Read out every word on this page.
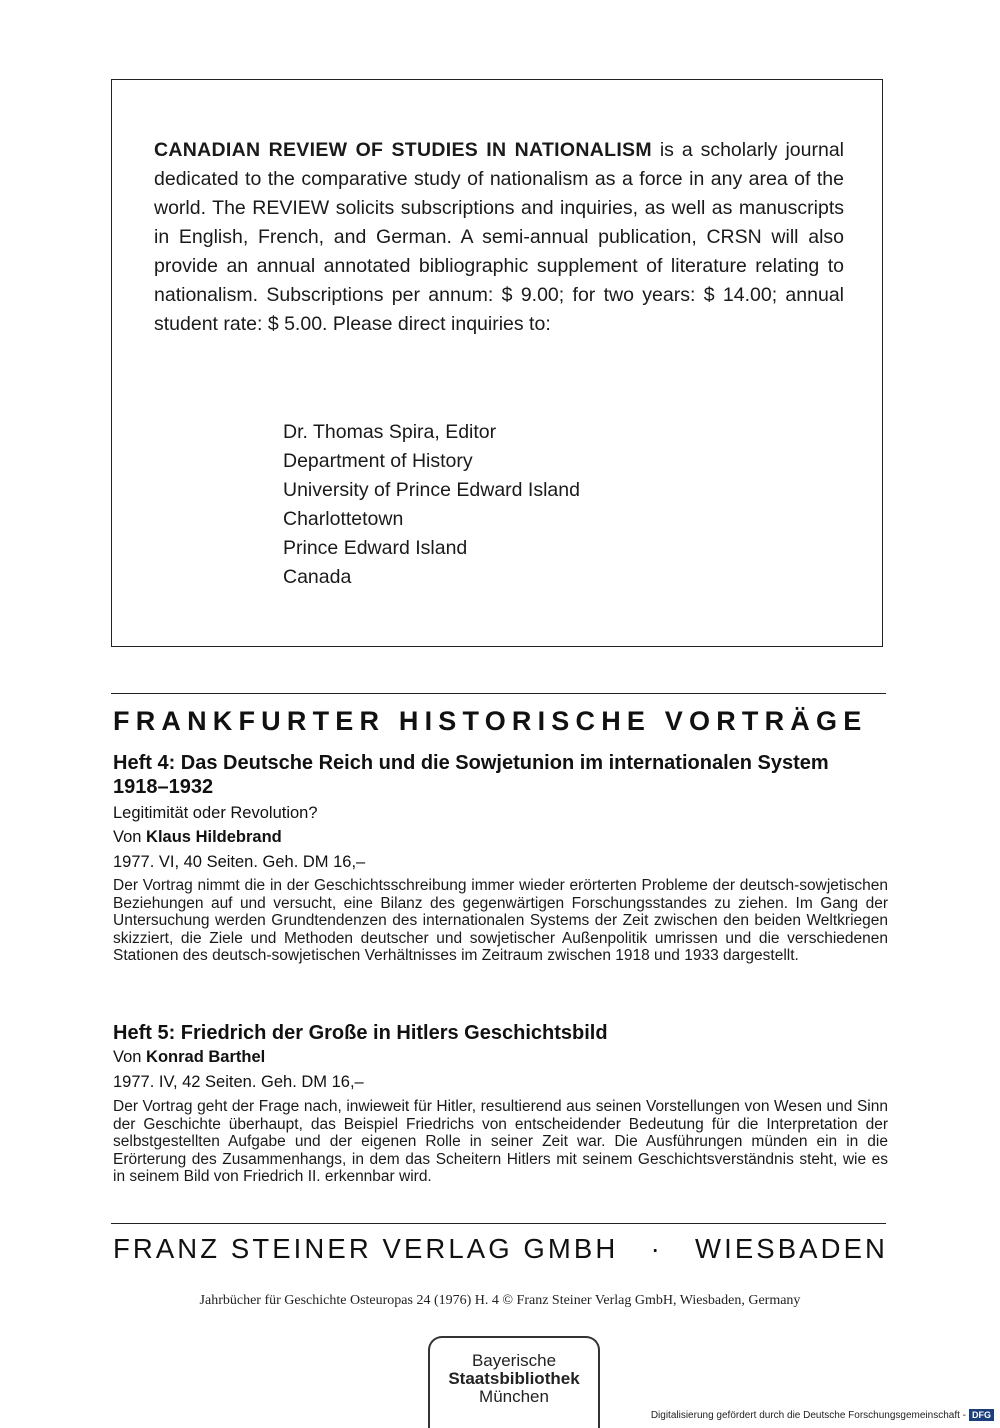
CANADIAN REVIEW OF STUDIES IN NATIONALISM is a scholarly journal dedicated to the comparative study of nationalism as a force in any area of the world. The REVIEW solicits subscriptions and inquiries, as well as manuscripts in English, French, and German. A semi-annual publication, CRSN will also provide an annual annotated bibliographic supplement of literature relating to nationalism. Subscriptions per annum: $ 9.00; for two years: $ 14.00; annual student rate: $ 5.00. Please direct inquiries to:
Dr. Thomas Spira, Editor
Department of History
University of Prince Edward Island
Charlottetown
Prince Edward Island
Canada
FRANKFURTER HISTORISCHE VORTRÄGE
Heft 4: Das Deutsche Reich und die Sowjetunion im internationalen System 1918–1932
Legitimität oder Revolution?
Von Klaus Hildebrand
1977. VI, 40 Seiten. Geh. DM 16,–
Der Vortrag nimmt die in der Geschichtsschreibung immer wieder erörterten Probleme der deutsch-sowjetischen Beziehungen auf und versucht, eine Bilanz des gegenwärtigen Forschungsstandes zu ziehen. Im Gang der Untersuchung werden Grundtendenzen des internationalen Systems der Zeit zwischen den beiden Weltkriegen skizziert, die Ziele und Methoden deutscher und sowjetischer Außenpolitik umrissen und die verschiedenen Stationen des deutsch-sowjetischen Verhältnisses im Zeitraum zwischen 1918 und 1933 dargestellt.
Heft 5: Friedrich der Große in Hitlers Geschichtsbild
Von Konrad Barthel
1977. IV, 42 Seiten. Geh. DM 16,–
Der Vortrag geht der Frage nach, inwieweit für Hitler, resultierend aus seinen Vorstellungen von Wesen und Sinn der Geschichte überhaupt, das Beispiel Friedrichs von entscheidender Bedeutung für die Interpretation der selbstgestellten Aufgabe und der eigenen Rolle in seiner Zeit war. Die Ausführungen münden ein in die Erörterung des Zusammenhangs, in dem das Scheitern Hitlers mit seinem Geschichtsverständnis steht, wie es in seinem Bild von Friedrich II. erkennbar wird.
FRANZ STEINER VERLAG GMBH · WIESBADEN
Jahrbücher für Geschichte Osteuropas 24 (1976) H. 4 © Franz Steiner Verlag GmbH, Wiesbaden, Germany
Bayerische
Staatsbibliothek
München
Digitalisierung gefördert durch die Deutsche Forschungsgemeinschaft - DFG
